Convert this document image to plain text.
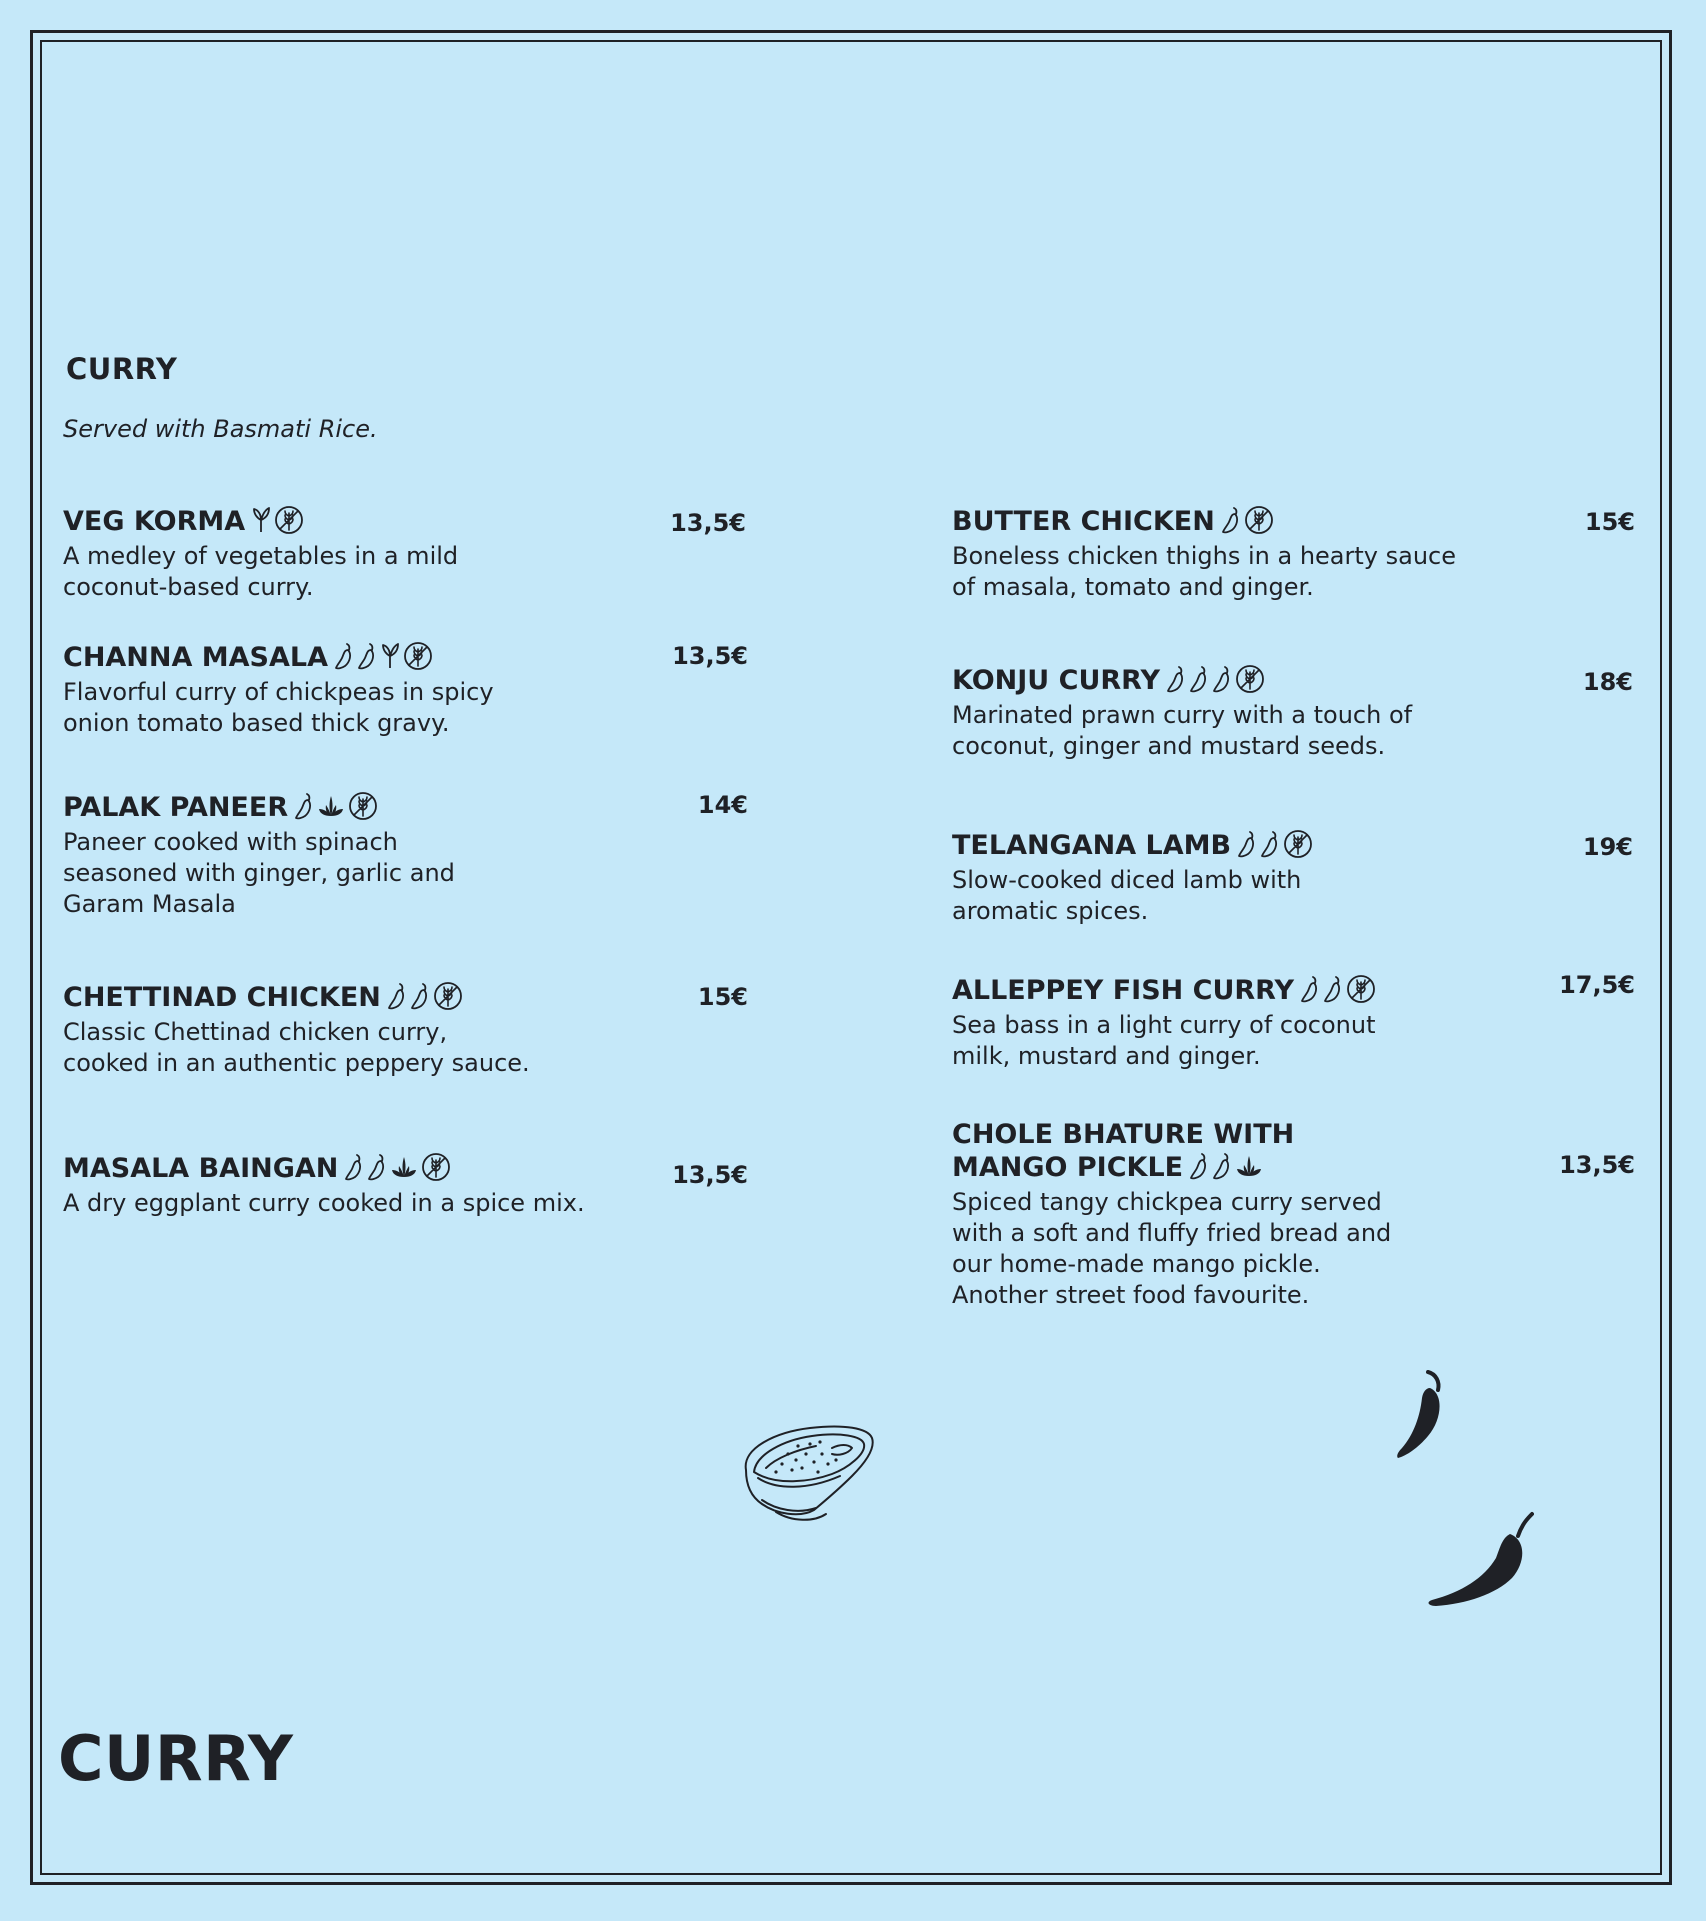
CURRY

Served with Basmati Rice.

VEG KORMA
A medley of vegetables in a mild
coconut-based curry.
13,5€
CHANNA MASALA
Flavorful curry of chickpeas in spicy
onion tomato based thick gravy.
13,5€
PALAK PANEER
Paneer cooked with spinach
seasoned with ginger, garlic and
Garam Masala
14€
CHETTINAD CHICKEN
Classic Chettinad chicken curry,
cooked in an authentic peppery sauce.
15€
MASALA BAINGAN
A dry eggplant curry cooked in a spice mix.
13,5€
BUTTER CHICKEN
Boneless chicken thighs in a hearty sauce
of masala, tomato and ginger.
15€
KONJU CURRY
Marinated prawn curry with a touch of
coconut, ginger and mustard seeds.
18€
TELANGANA LAMB
Slow-cooked diced lamb with
aromatic spices.
19€
ALLEPPEY FISH CURRY
Sea bass in a light curry of coconut
milk, mustard and ginger.
17,5€
CHOLE BHATURE WITH
MANGO PICKLE
Spiced tangy chickpea curry served
with a soft and fluffy fried bread and
our home-made mango pickle.
Another street food favourite.
13,5€
CURRY
